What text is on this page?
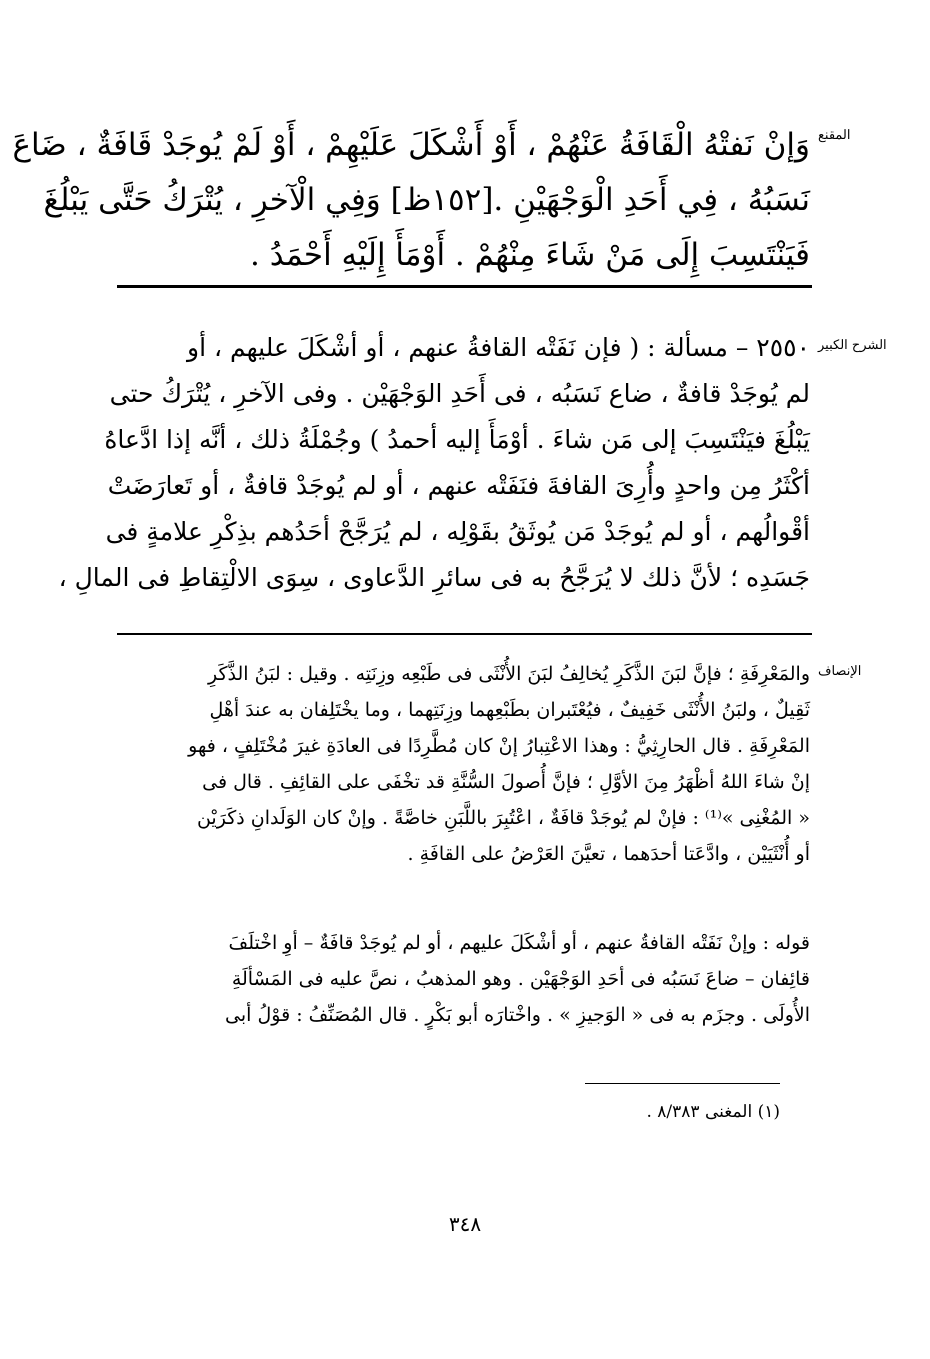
المقنع
الشرح الكبير
الإنصاف
وَإنْ نَفتْهُ الْقَافَةُ عَنْهُمْ ، أَوْ أَشْكَلَ عَلَيْهِمْ ، أَوْ لَمْ يُوجَدْ قَافَةٌ ، ضَاعَ
نَسَبُهُ ، فِي أَحَدِ الْوَجْهَيْنِ .[١٥٢ظ] وَفِي الْآخرِ ، يُتْرَكُ حَتَّى يَبْلُغَ
فَيَنْتَسِبَ إِلَى مَنْ شَاءَ مِنْهُمْ . أَوْمَأَ إِلَيْهِ أَحْمَدُ .
٢٥٥٠ – مسألة : ( فإن نَفَتْه القافةُ عنهم ، أو أشْكَلَ عليهم ، أو
لم يُوجَدْ قافةٌ ، ضاع نَسَبُه ، فى أَحَدِ الوَجْهَيْن . وفى الآخرِ ، يُتْرَكُ حتى
يَبْلُغَ فيَنْتَسِبَ إلى مَن شاءَ . أوْمَأَ إليه أحمدُ ) وجُمْلَةُ ذلك ، أنَّه إذا ادَّعاهُ
أكْثَرُ مِن واحدٍ وأُرِىَ القافةَ فنَفَتْه عنهم ، أو لم يُوجَدْ قافةٌ ، أو تَعارَضَتْ
أقْوالُهم ، أو لم يُوجَدْ مَن يُوثَقُ بقَوْلِه ، لم يُرَجَّحْ أحَدُهم بذِكْرِ علامةٍ فى
جَسَدِه ؛ لأنَّ ذلك لا يُرَجَّحُ به فى سائرِ الدَّعاوى ، سِوَى الالْتِقاطِ فى المالِ ،
والمَعْرِفَةِ ؛ فإنَّ لبَنَ الذَّكَرِ يُخالِفُ لبَنَ الأُنْثَى فى طَبْعِه وزِنَتِه . وقيل : لبَنُ الذَّكَرِ
ثَقِيلٌ ، ولبَنُ الأُنْثَى خَفِيفٌ ، فيُعْتَبران بطَبْعِهما وزِنَتِهما ، وما يخْتَلِفان به عندَ أهْلِ
المَعْرِفَةِ . قال الحارِثِيُّ : وهذا الاعْتِبارُ إنْ كان مُطَّرِدًا فى العادَةِ غيرَ مُخْتَلِفٍ ، فهو
إنْ شاءَ اللهُ أظْهَرُ مِنَ الأوَّلِ ؛ فإنَّ أُصولَ السُّنَّةِ قد تخْفَى على القائِفِ . قال فى
« المُغْنِى »⁽¹⁾ : فإنْ لم يُوجَدْ قافَةٌ ، اعْتُبِرَ باللَّبَنِ خاصَّةً . وإنْ كان الوَلَدانِ ذكَرَيْن
أو أُنْثَيَيْن ، وادَّعَتا أحدَهما ، تعيَّنَ العَرْضُ على القافَةِ .
قوله : وإنْ نَفَتْه القافةُ عنهم ، أو أشْكَلَ عليهم ، أو لم يُوجَدْ قافَةٌ – أوِ اخْتلَفَ
قائِفان – ضاعَ نَسَبُه فى أحَدِ الوَجْهَيْن . وهو المذهبُ ، نصَّ عليه فى المَسْألَةِ
الأُولَى . وجزَم به فى « الوَجيزِ » . واخْتارَه أبو بَكْرٍ . قال المُصَنِّفُ : قوْلُ أبى
(١) المغنى ٨/٣٨٣ .
٣٤٨
